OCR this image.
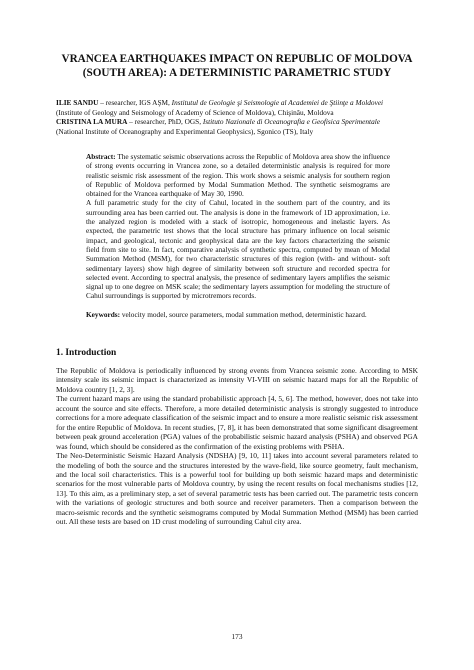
VRANCEA EARTHQUAKES IMPACT ON REPUBLIC OF MOLDOVA
(SOUTH AREA): A DETERMINISTIC PARAMETRIC STUDY

ILIE SANDU – researcher, IGS AŞM, Institutul de Geologie şi Seismologie al Academiei de Ştiinţe a Moldovei

(Institute of Geology and Seismology of Academy of Science of Moldova), Chişinău, Moldova

CRISTINA LA MURA – researcher, PhD, OGS, Istituto Nazionale di Oceanografia e Geofisica Sperimentale

(National Institute of Oceanography and Experimental Geophysics), Sgonico (TS), Italy

Abstract: The systematic seismic observations across the Republic of Moldova area show the influence of strong events occurring in Vrancea zone, so a detailed deterministic analysis is required for more realistic seismic risk assessment of the region. This work shows a seismic analysis for southern region of Republic of Moldova performed by Modal Summation Method. The synthetic seismograms are obtained for the Vrancea earthquake of May 30, 1990.

A full parametric study for the city of Cahul, located in the southern part of the country, and its surrounding area has been carried out. The analysis is done in the framework of 1D approximation, i.e. the analyzed region is modeled with a stack of isotropic, homogeneous and inelastic layers. As expected, the parametric test shows that the local structure has primary influence on local seismic impact, and geological, tectonic and geophysical data are the key factors characterizing the seismic field from site to site. In fact, comparative analysis of synthetic spectra, computed by mean of Modal Summation Method (MSM), for two characteristic structures of this region (with- and without- soft sedimentary layers) show high degree of similarity between soft structure and recorded spectra for selected event. According to spectral analysis, the presence of sedimentary layers amplifies the seismic signal up to one degree on MSK scale; the sedimentary layers assumption for modeling the structure of Cahul surroundings is supported by microtremors records.

Keywords: velocity model, source parameters, modal summation method, deterministic hazard.
1. Introduction

The Republic of Moldova is periodically influenced by strong events from Vrancea seismic zone. According to MSK intensity scale its seismic impact is characterized as intensity VI-VIII on seismic hazard maps for all the Republic of Moldova country [1, 2, 3].

The current hazard maps are using the standard probabilistic approach [4, 5, 6]. The method, however, does not take into account the source and site effects. Therefore, a more detailed deterministic analysis is strongly suggested to introduce corrections for a more adequate classification of the seismic impact and to ensure a more realistic seismic risk assessment for the entire Republic of Moldova. In recent studies, [7, 8], it has been demonstrated that some significant disagreement between peak ground acceleration (PGA) values of the probabilistic seismic hazard analysis (PSHA) and observed PGA was found, which should be considered as the confirmation of the existing problems with PSHA.

The Neo-Deterministic Seismic Hazard Analysis (NDSHA) [9, 10, 11] takes into account several parameters related to the modeling of both the source and the structures interested by the wave-field, like source geometry, fault mechanism, and the local soil characteristics. This is a powerful tool for building up both seismic hazard maps and deterministic scenarios for the most vulnerable parts of Moldova country, by using the recent results on focal mechanisms studies [12, 13]. To this aim, as a preliminary step, a set of several parametric tests has been carried out. The parametric tests concern with the variations of geologic structures and both source and receiver parameters. Then a comparison between the macro-seismic records and the synthetic seismograms computed by Modal Summation Method (MSM) has been carried out. All these tests are based on 1D crust modeling of surrounding Cahul city area.

173
